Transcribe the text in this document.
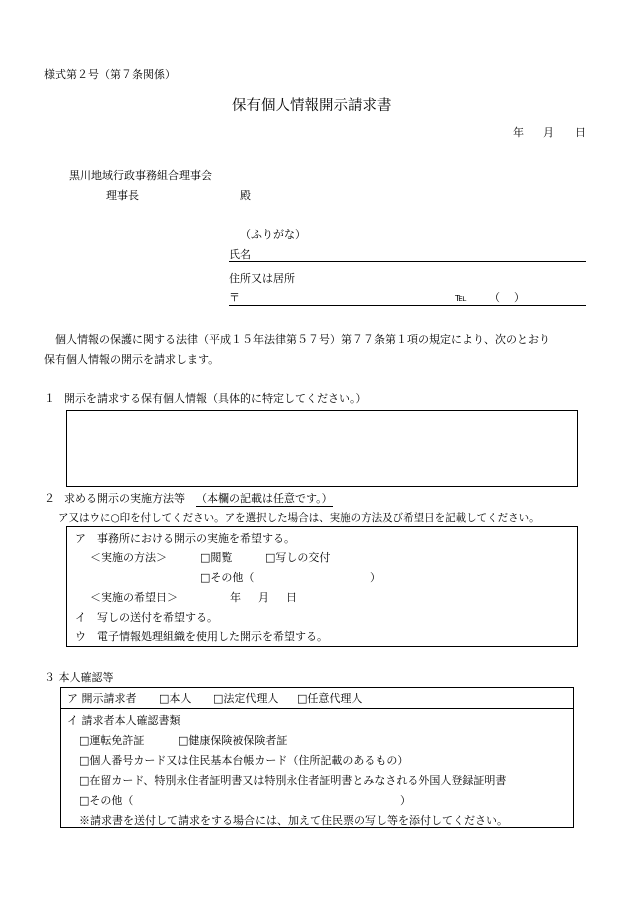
様式第２号（第７条関係）
保有個人情報開示請求書
年 月 日
黒川地域行政事務組合理事会
理事長	殿
（ふりがな）
氏名
住所又は居所
〒	℡ （ ）
個人情報の保護に関する法律（平成１５年法律第５７号）第７７条第１項の規定により、次のとおり
保有個人情報の開示を請求します。
１ 開示を請求する保有個人情報（具体的に特定してください。）
２ 求める開示の実施方法等 （本欄の記載は任意です。）
ア又はウに○印を付してください。アを選択した場合は、実施の方法及び希望日を記載してください。
ア　事務所における開示の実施を希望する。
＜実施の方法＞	□閲覧	□写しの交付
□その他（	）
＜実施の希望日＞	年 月 日
イ　写しの送付を希望する。
ウ　電子情報処理組織を使用した開示を希望する。
３ 本人確認等
ア 開示請求者 □本人 □法定代理人 □任意代理人
イ 請求者本人確認書類
□運転免許証	□健康保険被保険者証
□個人番号カード又は住民基本台帳カード（住所記載のあるもの）
□在留カード、特別永住者証明書又は特別永住者証明書とみなされる外国人登録証明書
□その他（	）
※請求書を送付して請求をする場合には、加えて住民票の写し等を添付してください。
